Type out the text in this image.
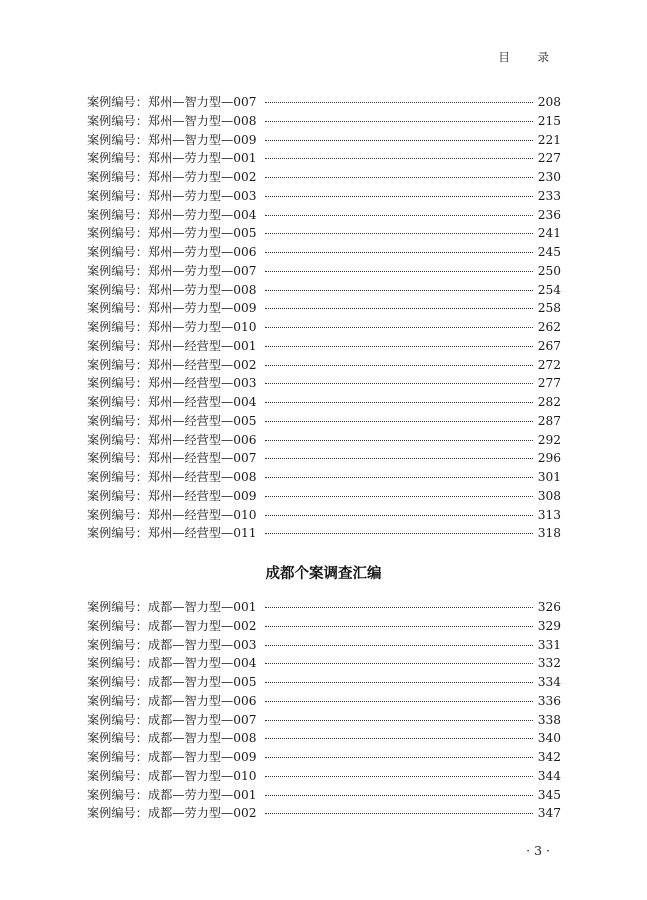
目 录
案例编号：郑州—智力型—007	208
案例编号：郑州—智力型—008	215
案例编号：郑州—智力型—009	221
案例编号：郑州—劳力型—001	227
案例编号：郑州—劳力型—002	230
案例编号：郑州—劳力型—003	233
案例编号：郑州—劳力型—004	236
案例编号：郑州—劳力型—005	241
案例编号：郑州—劳力型—006	245
案例编号：郑州—劳力型—007	250
案例编号：郑州—劳力型—008	254
案例编号：郑州—劳力型—009	258
案例编号：郑州—劳力型—010	262
案例编号：郑州—经营型—001	267
案例编号：郑州—经营型—002	272
案例编号：郑州—经营型—003	277
案例编号：郑州—经营型—004	282
案例编号：郑州—经营型—005	287
案例编号：郑州—经营型—006	292
案例编号：郑州—经营型—007	296
案例编号：郑州—经营型—008	301
案例编号：郑州—经营型—009	308
案例编号：郑州—经营型—010	313
案例编号：郑州—经营型—011	318
成都个案调查汇编
案例编号：成都—智力型—001	326
案例编号：成都—智力型—002	329
案例编号：成都—智力型—003	331
案例编号：成都—智力型—004	332
案例编号：成都—智力型—005	334
案例编号：成都—智力型—006	336
案例编号：成都—智力型—007	338
案例编号：成都—智力型—008	340
案例编号：成都—智力型—009	342
案例编号：成都—智力型—010	344
案例编号：成都—劳力型—001	345
案例编号：成都—劳力型—002	347
· 3 ·
